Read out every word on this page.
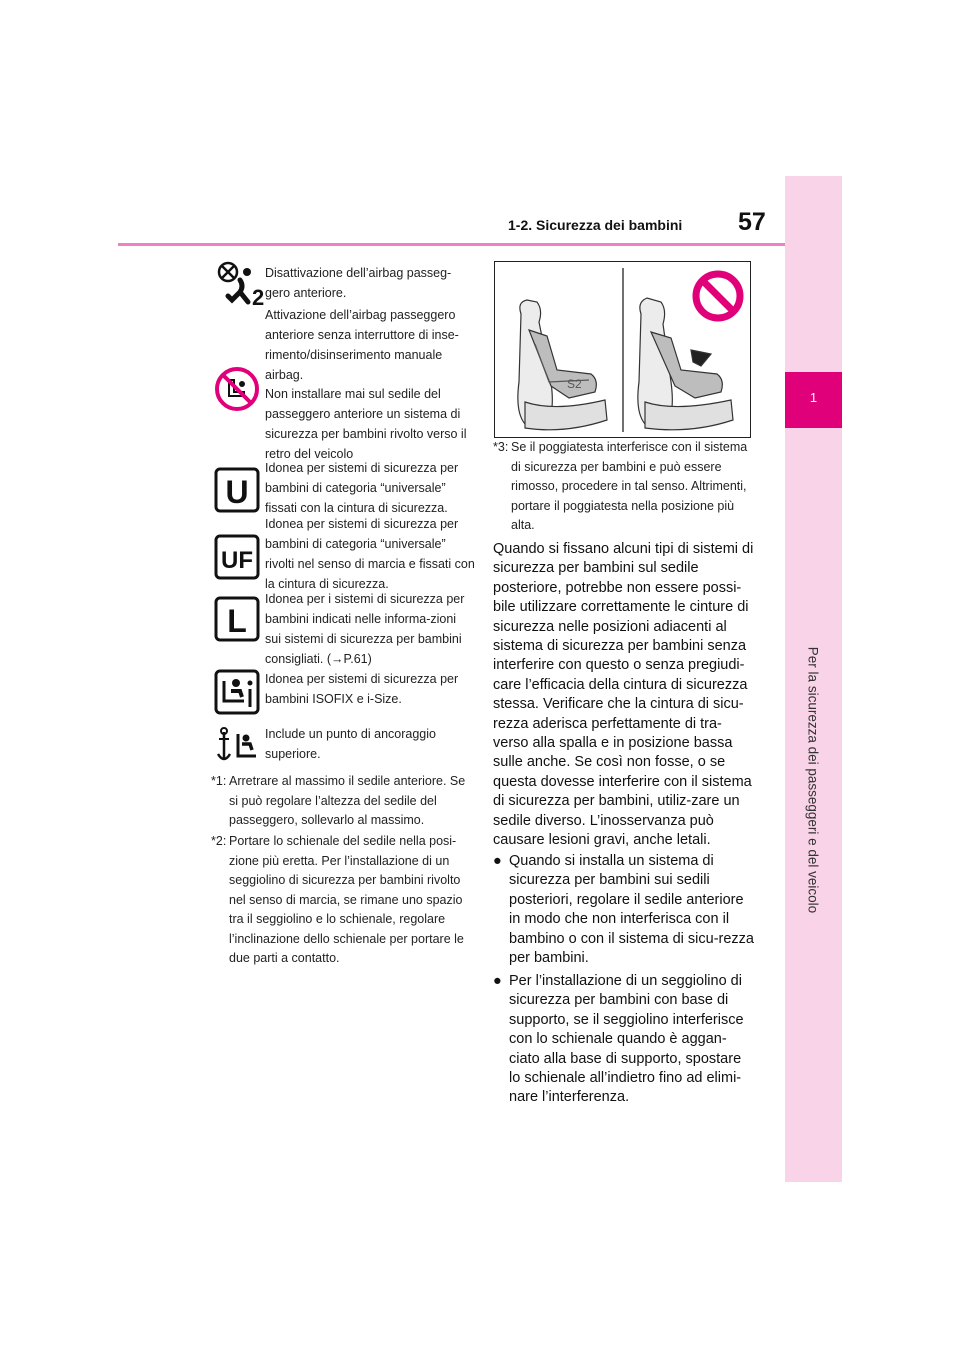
1
Per la sicurezza dei passeggeri e del veicolo
1-2. Sicurezza dei bambini 57
2
Disattivazione dell’airbag passeg-gero anteriore.
Attivazione dell’airbag passeggero anteriore senza interruttore di inse-rimento/disinserimento manuale airbag.
Non installare mai sul sedile del passeggero anteriore un sistema di sicurezza per bambini rivolto verso il retro del veicolo
U
Idonea per sistemi di sicurezza per bambini di categoria “universale” fissati con la cintura di sicurezza.
UF
Idonea per sistemi di sicurezza per bambini di categoria “universale” rivolti nel senso di marcia e fissati con la cintura di sicurezza.
L
Idonea per i sistemi di sicurezza per bambini indicati nelle informa-zioni sui sistemi di sicurezza per bambini consigliati. (→P.61)
Idonea per sistemi di sicurezza per bambini ISOFIX e i-Size.
Include un punto di ancoraggio superiore.
*1: Arretrare al massimo il sedile anteriore. Se si può regolare l’altezza del sedile del passeggero, sollevarlo al massimo.
*2: Portare lo schienale del sedile nella posi-zione più eretta. Per l’installazione di un seggiolino di sicurezza per bambini rivolto nel senso di marcia, se rimane uno spazio tra il seggiolino e lo schienale, regolare l’inclinazione dello schienale per portare le due parti a contatto.
S2
*3: Se il poggiatesta interferisce con il sistema di sicurezza per bambini e può essere rimosso, procedere in tal senso. Altrimenti, portare il poggiatesta nella posizione più alta.
Quando si fissano alcuni tipi di sistemi di sicurezza per bambini sul sedile posteriore, potrebbe non essere possi-bile utilizzare correttamente le cinture di sicurezza nelle posizioni adiacenti al sistema di sicurezza per bambini senza interferire con questo o senza pregiudi-care l’efficacia della cintura di sicurezza stessa. Verificare che la cintura di sicu-rezza aderisca perfettamente di tra-verso alla spalla e in posizione bassa sulle anche. Se così non fosse, o se questa dovesse interferire con il sistema di sicurezza per bambini, utiliz-zare un sedile diverso. L’inosservanza può causare lesioni gravi, anche letali.
● Quando si installa un sistema di sicurezza per bambini sui sedili posteriori, regolare il sedile anteriore in modo che non interferisca con il bambino o con il sistema di sicu-rezza per bambini.
● Per l’installazione di un seggiolino di sicurezza per bambini con base di supporto, se il seggiolino interferisce con lo schienale quando è aggan-ciato alla base di supporto, spostare lo schienale all’indietro fino ad elimi-nare l’interferenza.
